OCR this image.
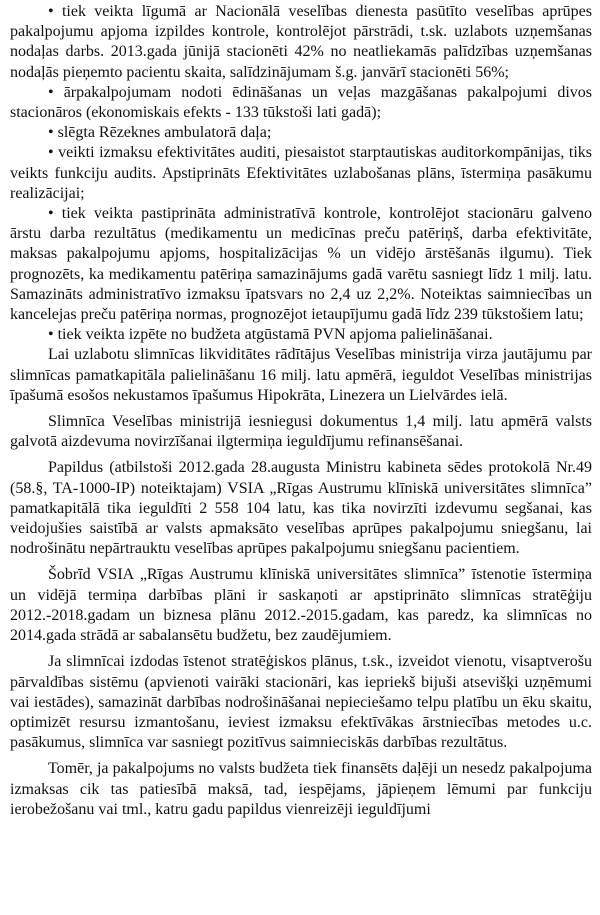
• tiek veikta līgumā ar Nacionālā veselības dienesta pasūtīto veselības aprūpes pakalpojumu apjoma izpildes kontrole, kontrolējot pārstrādi, t.sk. uzlabots uzņemšanas nodaļas darbs. 2013.gada jūnijā stacionēti 42% no neatliekamās palīdzības uzņemšanas nodaļās pieņemto pacientu skaita, salīdzinājumam š.g. janvārī stacionēti 56%;

• ārpakalpojumam nodoti ēdināšanas un veļas mazgāšanas pakalpojumi divos stacionāros (ekonomiskais efekts - 133 tūkstoši lati gadā);

• slēgta Rēzeknes ambulatorā daļa;

• veikti izmaksu efektivitātes auditi, piesaistot starptautiskas auditorkompānijas, tiks veikts funkciju audits. Apstiprināts Efektivitātes uzlabošanas plāns, īstermiņa pasākumu realizācijai;

• tiek veikta pastiprināta administratīvā kontrole, kontrolējot stacionāru galveno ārstu darba rezultātus (medikamentu un medicīnas preču patēriņš, darba efektivitāte, maksas pakalpojumu apjoms, hospitalizācijas % un vidējo ārstēšanās ilgumu). Tiek prognozēts, ka medikamentu patēriņa samazinājums gadā varētu sasniegt līdz 1 milj. latu. Samazināts administratīvo izmaksu īpatsvars no 2,4 uz 2,2%. Noteiktas saimniecības un kancelejas preču patēriņa normas, prognozējot ietaupījumu gadā līdz 239 tūkstošiem latu;

• tiek veikta izpēte no budžeta atgūstamā PVN apjoma palielināšanai.

Lai uzlabotu slimnīcas likviditātes rādītājus Veselības ministrija virza jautājumu par slimnīcas pamatkapitāla palielināšanu 16 milj. latu apmērā, ieguldot Veselības ministrijas īpašumā esošos nekustamos īpašumus Hipokrāta, Linezera un Lielvārdes ielā.

Slimnīca Veselības ministrijā iesniegusi dokumentus 1,4 milj. latu apmērā valsts galvotā aizdevuma novirzīšanai ilgtermiņa ieguldījumu refinansēšanai.

Papildus (atbilstoši 2012.gada 28.augusta Ministru kabineta sēdes protokolā Nr.49 (58.§, TA-1000-IP) noteiktajam) VSIA „Rīgas Austrumu klīniskā universitātes slimnīca” pamatkapitālā tika ieguldīti 2 558 104 latu, kas tika novirzīti izdevumu segšanai, kas veidojušies saistībā ar valsts apmaksāto veselības aprūpes pakalpojumu sniegšanu, lai nodrošinātu nepārtrauktu veselības aprūpes pakalpojumu sniegšanu pacientiem.

Šobrīd VSIA „Rīgas Austrumu klīniskā universitātes slimnīca” īstenotie īstermiņa un vidējā termiņa darbības plāni ir saskaņoti ar apstiprināto slimnīcas stratēģiju 2012.-2018.gadam un biznesa plānu 2012.-2015.gadam, kas paredz, ka slimnīcas no 2014.gada strādā ar sabalansētu budžetu, bez zaudējumiem.

Ja slimnīcai izdodas īstenot stratēģiskos plānus, t.sk., izveidot vienotu, visaptverošu pārvaldības sistēmu (apvienoti vairāki stacionāri, kas iepriekš bijuši atsevišķi uzņēmumi vai iestādes), samazināt darbības nodrošināšanai nepieciešamo telpu platību un ēku skaitu, optimizēt resursu izmantošanu, ieviest izmaksu efektīvākas ārstniecības metodes u.c. pasākumus, slimnīca var sasniegt pozitīvus saimnieciskās darbības rezultātus.

Tomēr, ja pakalpojums no valsts budžeta tiek finansēts daļēji un nesedz pakalpojuma izmaksas cik tas patiesībā maksā, tad, iespējams, jāpieņem lēmumi par funkciju ierobežošanu vai tml., katru gadu papildus vienreizēji ieguldījumi
